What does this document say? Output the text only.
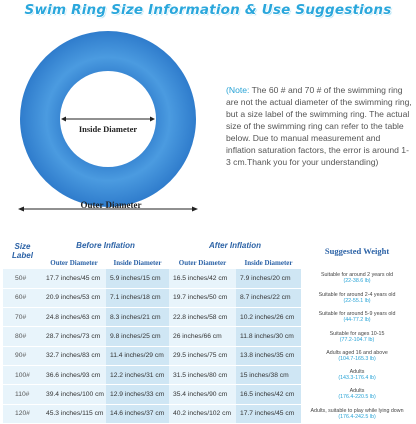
Swim Ring Size Information & Use Suggestions
Inside Diameter
Outer Diameter
(Note: The 60 # and 70 # of the swimming ring are not the actual diameter of the swimming ring, but a size label of the swimming ring. The actual size of the swimming ring can refer to the table below. Due to manual measurement and inflation saturation factors, the error is around 1-3 cm.Thank you for your understanding)
Size
Label	Before Inflation		After Inflation		Suggested Weight
	Outer Diameter	Inside Diameter	Outer Diameter	Inside Diameter	
50#	17.7 inches/45 cm	5.9 inches/15 cm	16.5 inches/42 cm	7.9 inches/20 cm	Suitable for around 2 years old
(22-38.6 lb)

60#	20.9 inches/53 cm	7.1 inches/18 cm	19.7 inches/50 cm	8.7 inches/22 cm	Suitable for around 2-4 years old
(22-55.1 lb)

70#	24.8 inches/63 cm	8.3 inches/21 cm	22.8 inches/58 cm	10.2 inches/26 cm	Suitable for around 5-9 years old
(44-77.2 lb)

80#	28.7 inches/73 cm	9.8 inches/25 cm	26 inches/66 cm	11.8 inches/30 cm	Suitable for ages 10-15
(77.2-104.7 lb)

90#	32.7 inches/83 cm	11.4 inches/29 cm	29.5 inches/75 cm	13.8 inches/35 cm	Adults aged 16 and above
(104.7-165.3 lb)

100#	36.6 inches/93 cm	12.2 inches/31 cm	31.5 inches/80 cm	15 inches/38 cm	Adults
(143.3-176.4 lb)

110#	39.4 inches/100 cm	12.9 inches/33 cm	35.4 inches/90 cm	16.5 inches/42 cm	Adults
(176.4-220.5 lb)

120#	45.3 inches/115 cm	14.6 inches/37 cm	40.2 inches/102 cm	17.7 inches/45 cm	Adults, suitable to play while lying down
(176.4-242.5 lb)
